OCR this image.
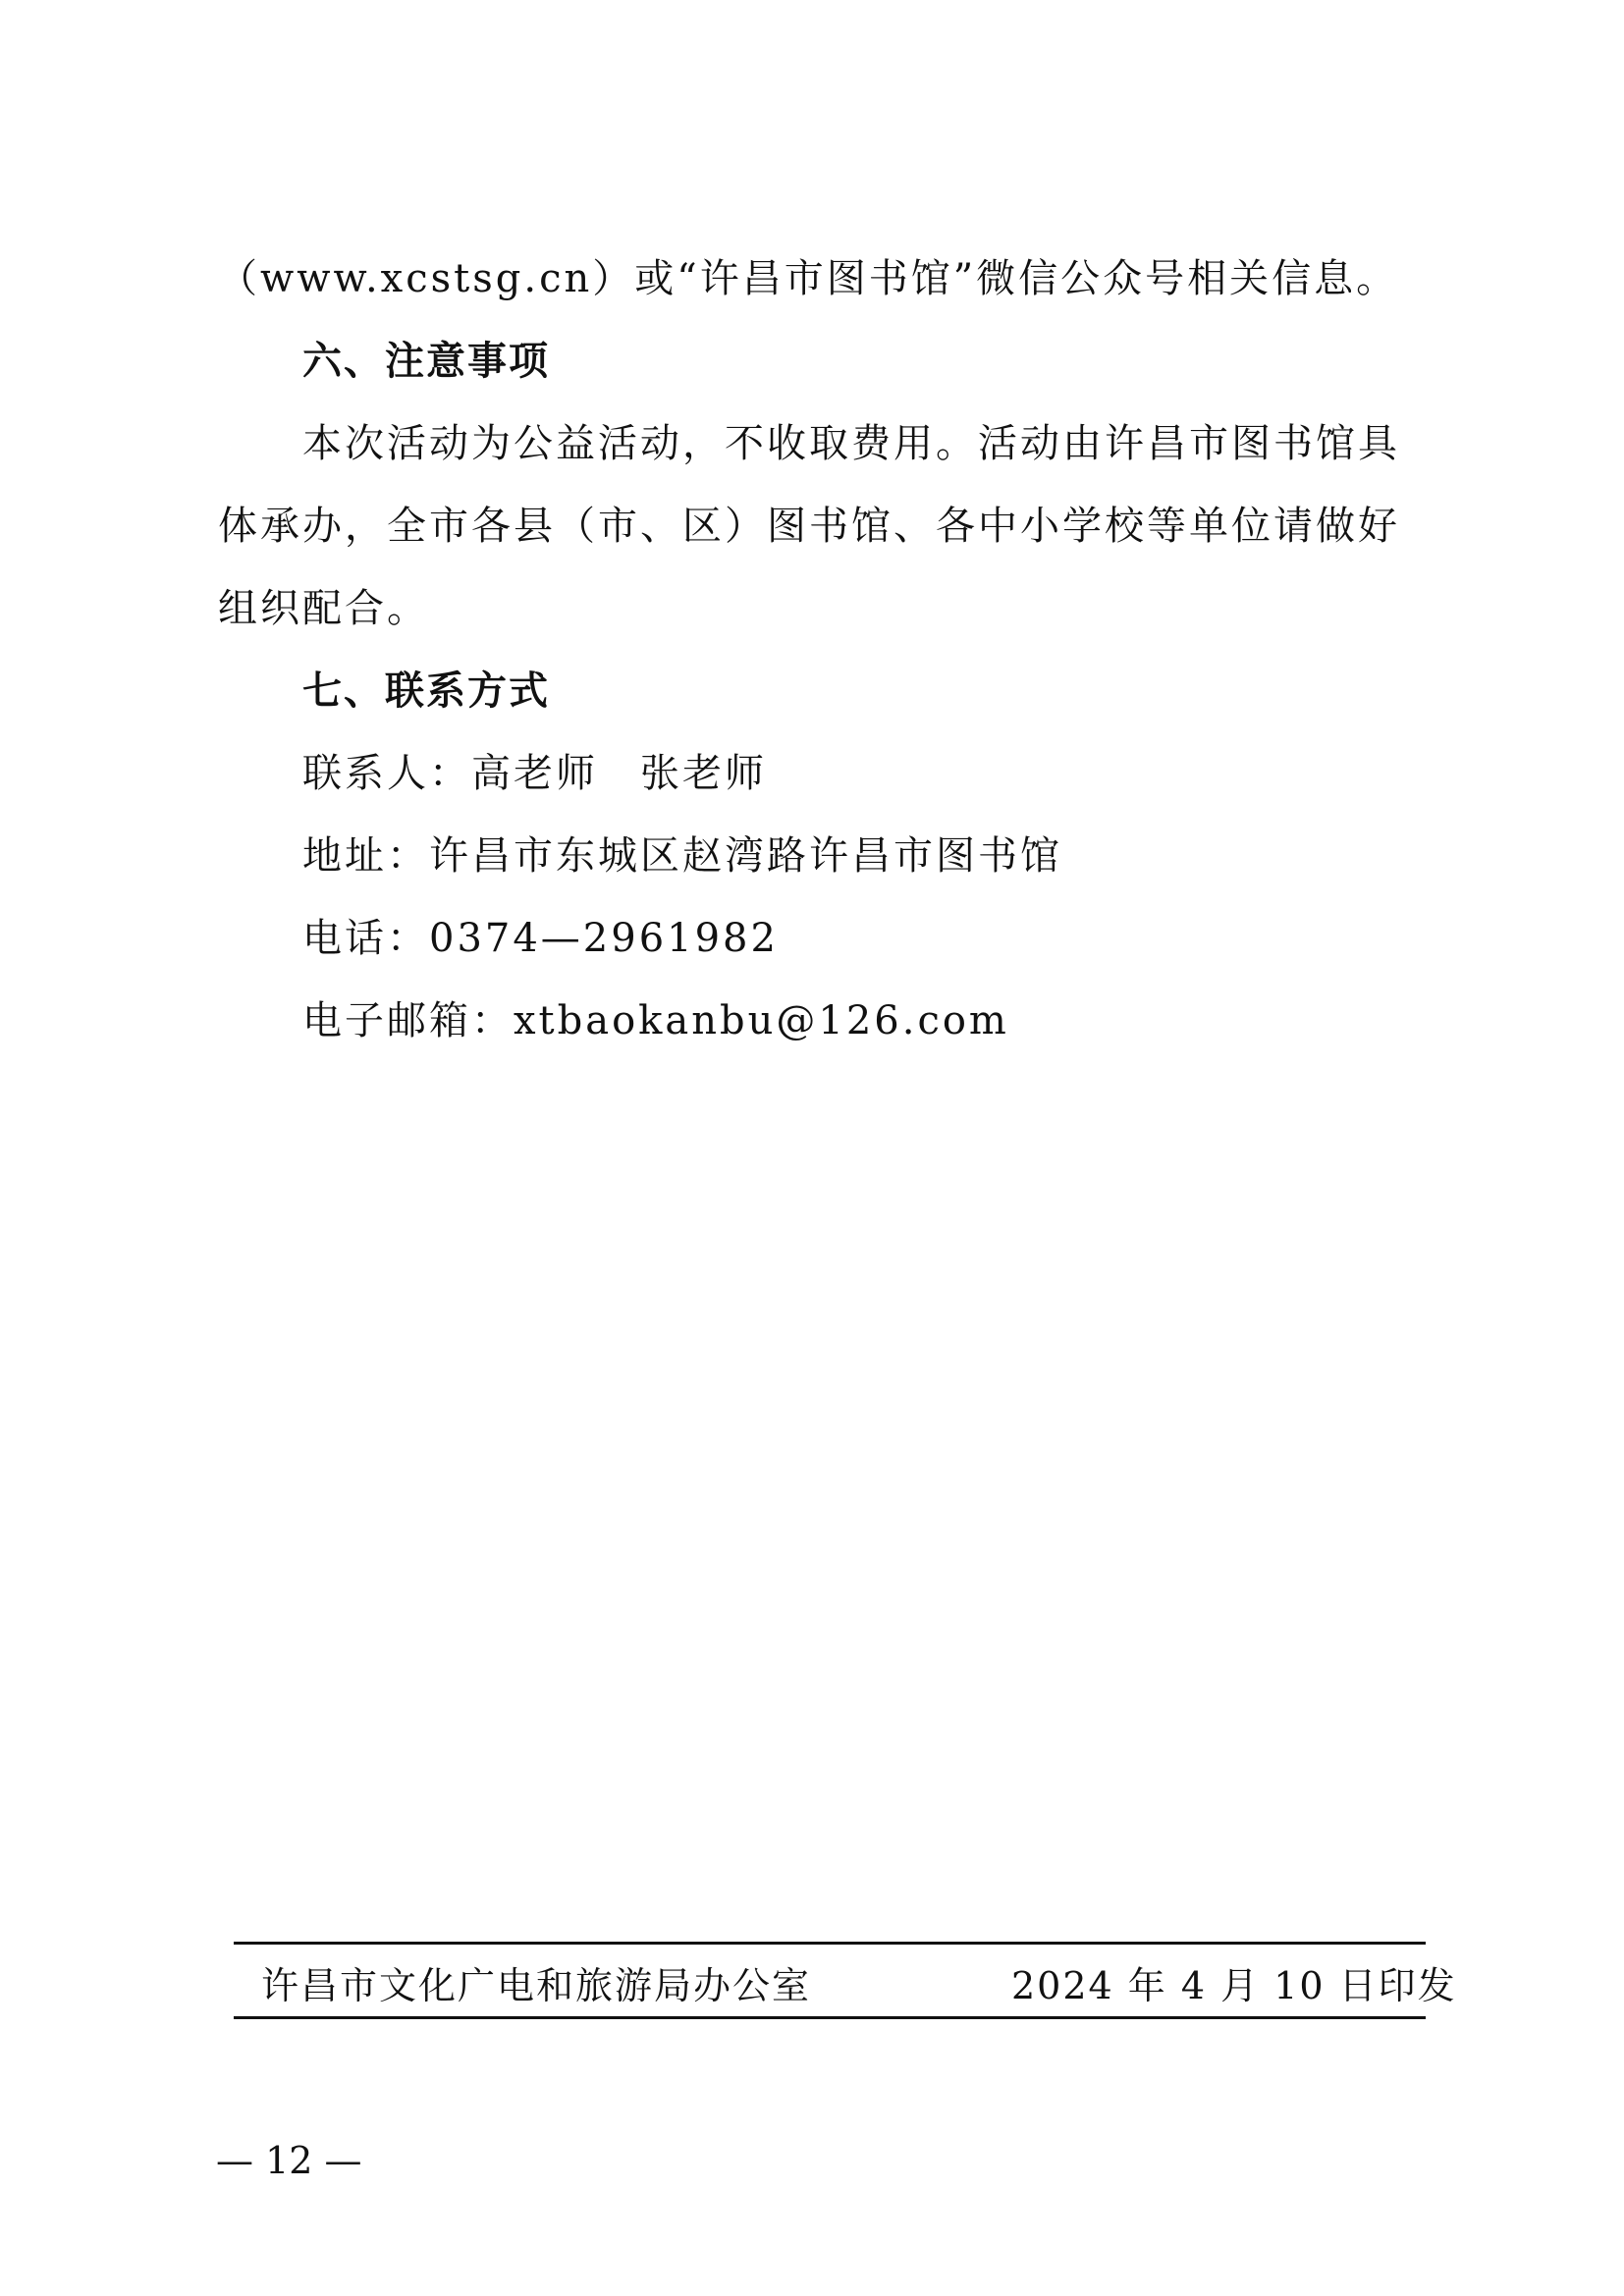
（www.xcstsg.cn）或“许昌市图书馆”微信公众号相关信息。
六、注意事项
本次活动为公益活动，不收取费用。活动由许昌市图书馆具
体承办，全市各县（市、区）图书馆、各中小学校等单位请做好
组织配合。
七、联系方式
联系人：高老师　张老师
地址：许昌市东城区赵湾路许昌市图书馆
电话：0374—2961982
电子邮箱：xtbaokanbu@126.com
许昌市文化广电和旅游局办公室	2024 年 4 月 10 日印发
— 12 —
